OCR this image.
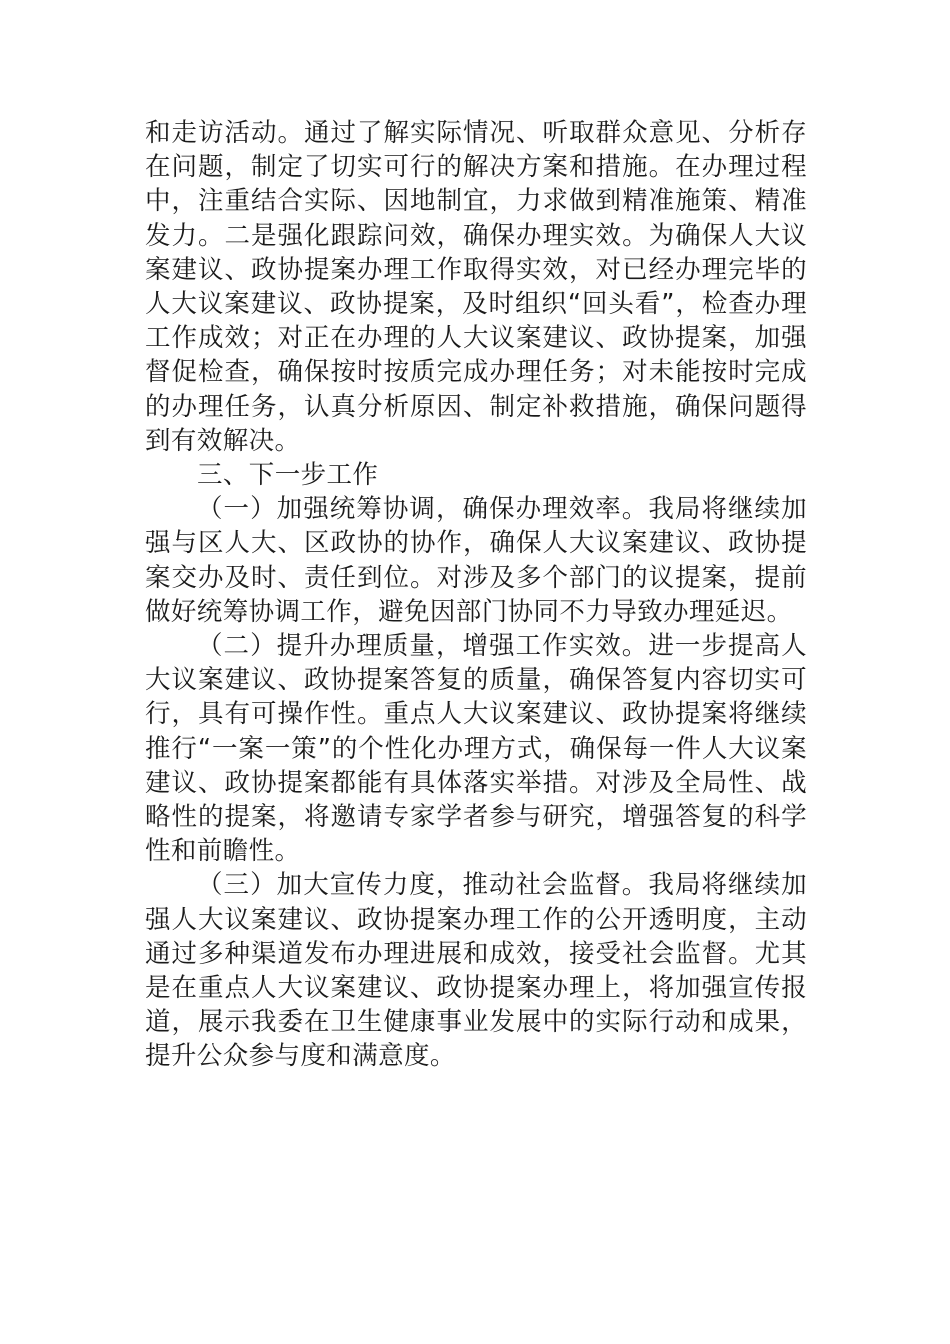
和走访活动。通过了解实际情况、听取群众意见、分析存在问题，制定了切实可行的解决方案和措施。在办理过程中，注重结合实际、因地制宜，力求做到精准施策、精准发力。二是强化跟踪问效，确保办理实效。为确保人大议案建议、政协提案办理工作取得实效，对已经办理完毕的人大议案建议、政协提案，及时组织“回头看”，检查办理工作成效；对正在办理的人大议案建议、政协提案，加强督促检查，确保按时按质完成办理任务；对未能按时完成的办理任务，认真分析原因、制定补救措施，确保问题得到有效解决。

三、下一步工作

（一）加强统筹协调，确保办理效率。我局将继续加强与区人大、区政协的协作，确保人大议案建议、政协提案交办及时、责任到位。对涉及多个部门的议提案，提前做好统筹协调工作，避免因部门协同不力导致办理延迟。

（二）提升办理质量，增强工作实效。进一步提高人大议案建议、政协提案答复的质量，确保答复内容切实可行，具有可操作性。重点人大议案建议、政协提案将继续推行“一案一策”的个性化办理方式，确保每一件人大议案建议、政协提案都能有具体落实举措。对涉及全局性、战略性的提案，将邀请专家学者参与研究，增强答复的科学性和前瞻性。

（三）加大宣传力度，推动社会监督。我局将继续加强人大议案建议、政协提案办理工作的公开透明度，主动通过多种渠道发布办理进展和成效，接受社会监督。尤其是在重点人大议案建议、政协提案办理上，将加强宣传报道，展示我委在卫生健康事业发展中的实际行动和成果，提升公众参与度和满意度。
